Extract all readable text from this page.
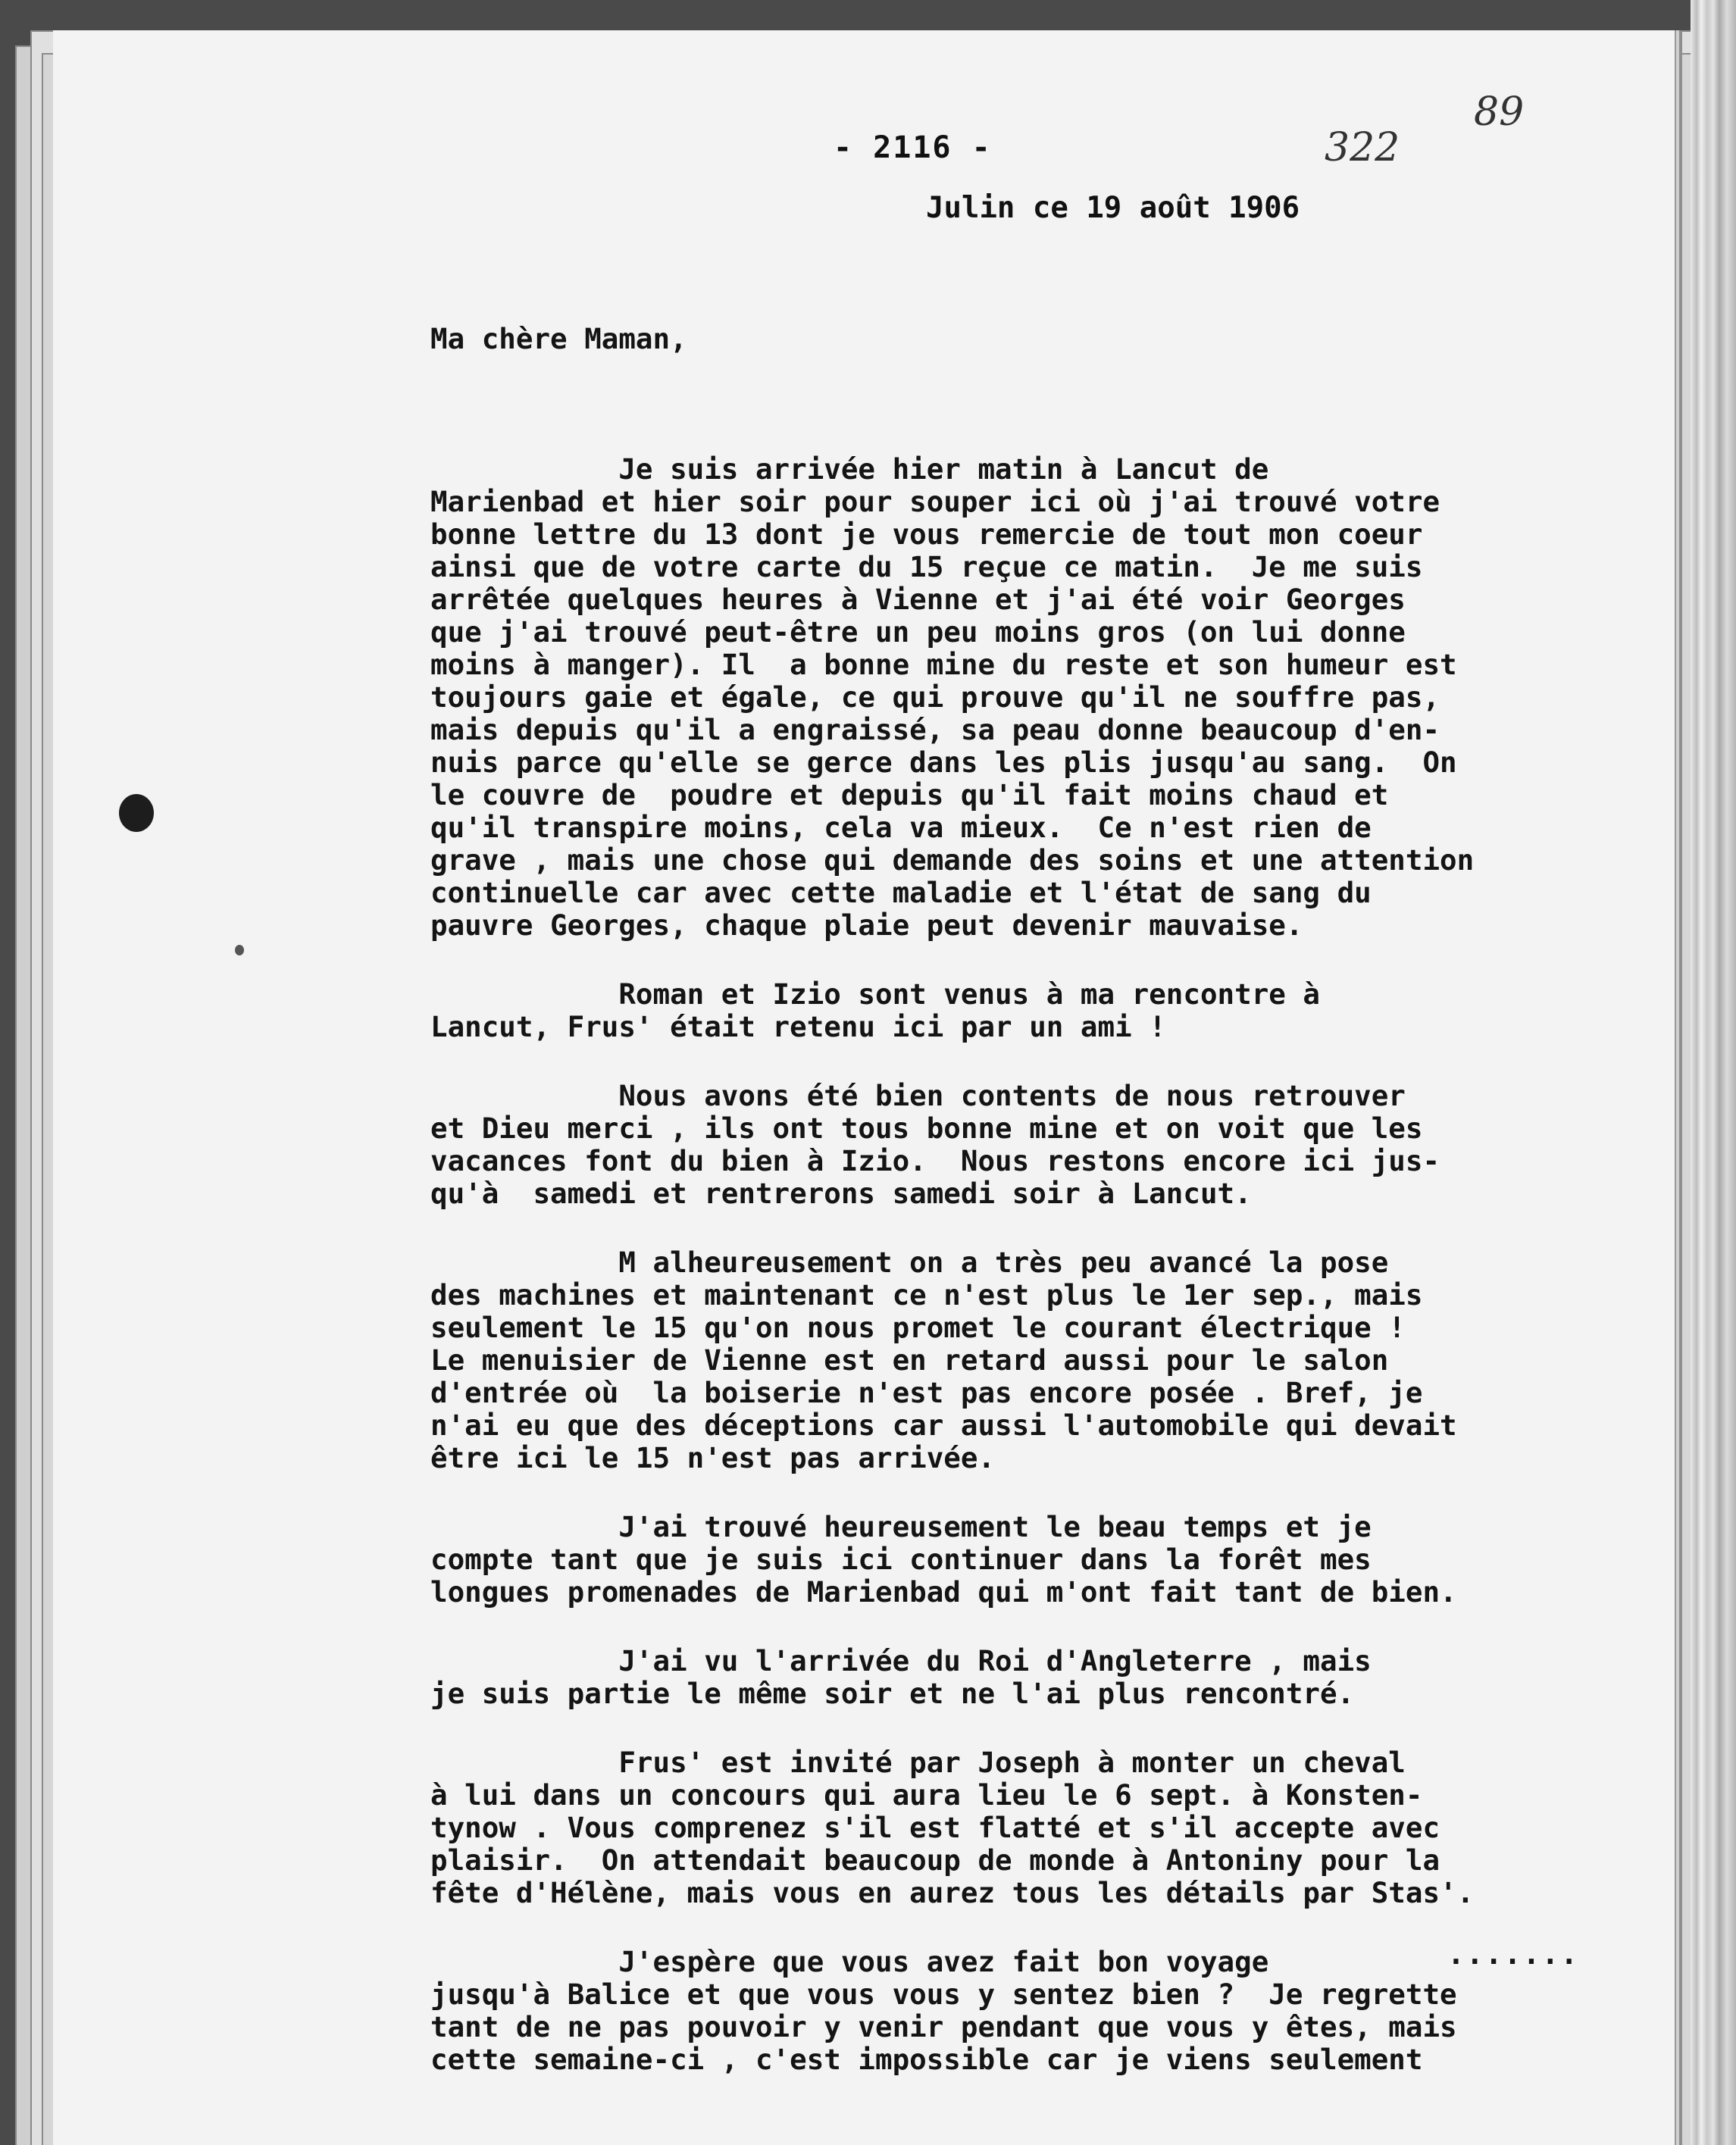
322
89
- 2116 -
Julin ce 19 août 1906

Ma chère Maman,

Je suis arrivée hier matin à Lancut de
Marienbad et hier soir pour souper ici où j'ai trouvé votre
bonne lettre du 13 dont je vous remercie de tout mon coeur
ainsi que de votre carte du 15 reçue ce matin.  Je me suis
arrêtée quelques heures à Vienne et j'ai été voir Georges
que j'ai trouvé peut-être un peu moins gros (on lui donne
moins à manger). Il  a bonne mine du reste et son humeur est
toujours gaie et égale, ce qui prouve qu'il ne souffre pas,
mais depuis qu'il a engraissé, sa peau donne beaucoup d'en-
nuis parce qu'elle se gerce dans les plis jusqu'au sang.  On
le couvre de  poudre et depuis qu'il fait moins chaud et
qu'il transpire moins, cela va mieux.  Ce n'est rien de
grave , mais une chose qui demande des soins et une attention
continuelle car avec cette maladie et l'état de sang du
pauvre Georges, chaque plaie peut devenir mauvaise.
Roman et Izio sont venus à ma rencontre à
Lancut, Frus' était retenu ici par un ami !
Nous avons été bien contents de nous retrouver
et Dieu merci , ils ont tous bonne mine et on voit que les
vacances font du bien à Izio.  Nous restons encore ici jus-
qu'à  samedi et rentrerons samedi soir à Lancut.
M alheureusement on a très peu avancé la pose
des machines et maintenant ce n'est plus le 1er sep., mais
seulement le 15 qu'on nous promet le courant électrique !
Le menuisier de Vienne est en retard aussi pour le salon
d'entrée où  la boiserie n'est pas encore posée . Bref, je
n'ai eu que des déceptions car aussi l'automobile qui devait
être ici le 15 n'est pas arrivée.
J'ai trouvé heureusement le beau temps et je
compte tant que je suis ici continuer dans la forêt mes
longues promenades de Marienbad qui m'ont fait tant de bien.
J'ai vu l'arrivée du Roi d'Angleterre , mais
je suis partie le même soir et ne l'ai plus rencontré.
Frus' est invité par Joseph à monter un cheval
à lui dans un concours qui aura lieu le 6 sept. à Konsten-
tynow . Vous comprenez s'il est flatté et s'il accepte avec
plaisir.  On attendait beaucoup de monde à Antoniny pour la
fête d'Hélène, mais vous en aurez tous les détails par Stas'.
J'espère que vous avez fait bon voyage
jusqu'à Balice et que vous vous y sentez bien ?  Je regrette
tant de ne pas pouvoir y venir pendant que vous y êtes, mais
cette semaine-ci , c'est impossible car je viens seulement

.......
